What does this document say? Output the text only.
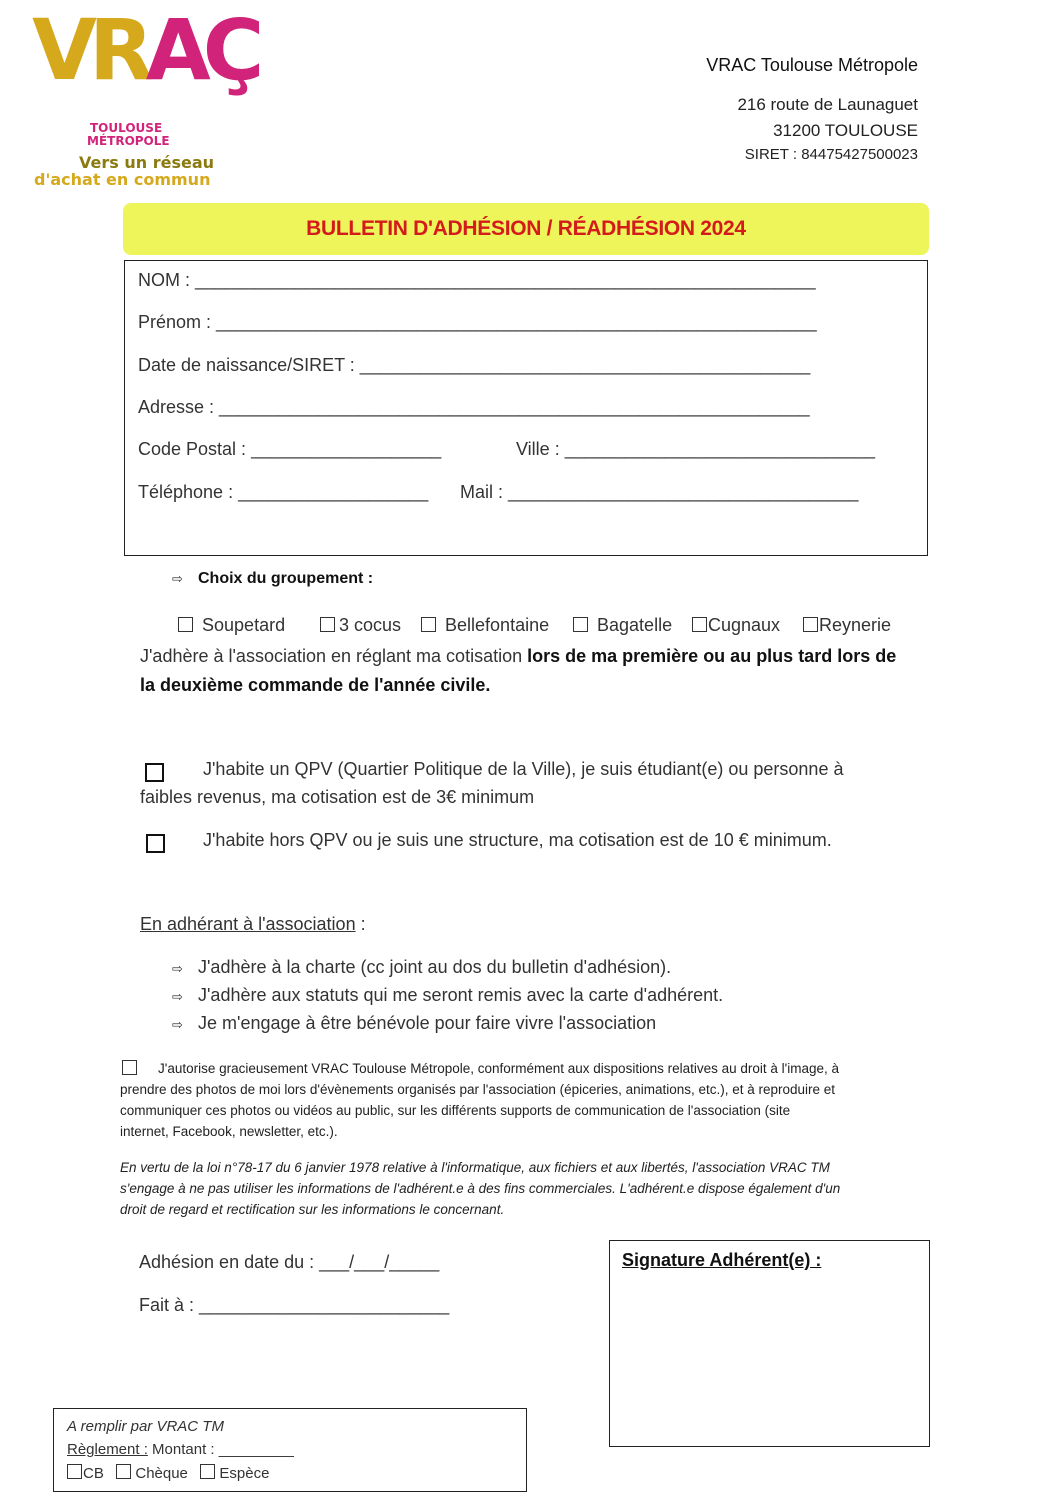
VRAÇ
TOULOUSE
MÉTROPOLE
Vers un réseau
d'achat en commun
VRAC Toulouse Métropole
216 route de Launaguet
31200 TOULOUSE
SIRET : 84475427500023
BULLETIN D'ADHÉSION / RÉADHÉSION 2024
NOM : ______________________________________________________________
Prénom : ____________________________________________________________
Date de naissance/SIRET : _____________________________________________
Adresse : ___________________________________________________________
Code Postal : ___________________	Ville : _______________________________
Téléphone : ___________________ Mail : ___________________________________
⇨ Choix du groupement :
Soupetard	3 cocus	Bellefontaine	Bagatelle	Cugnaux	Reynerie
J'adhère à l'association en réglant ma cotisation lors de ma première ou au plus tard lors de
la deuxième commande de l'année civile.
J'habite un QPV (Quartier Politique de la Ville), je suis étudiant(e) ou personne à
faibles revenus, ma cotisation est de 3€ minimum
J'habite hors QPV ou je suis une structure, ma cotisation est de 10 € minimum.
En adhérant à l'association :
⇨ J'adhère à la charte (cc joint au dos du bulletin d'adhésion).
⇨ J'adhère aux statuts qui me seront remis avec la carte d'adhérent.
⇨ Je m'engage à être bénévole pour faire vivre l'association
J'autorise gracieusement VRAC Toulouse Métropole, conformément aux dispositions relatives au droit à l'image, à
prendre des photos de moi lors d'évènements organisés par l'association (épiceries, animations, etc.), et à reproduire et
communiquer ces photos ou vidéos au public, sur les différents supports de communication de l'association (site
internet, Facebook, newsletter, etc.).
En vertu de la loi n°78-17 du 6 janvier 1978 relative à l'informatique, aux fichiers et aux libertés, l'association VRAC TM
s'engage à ne pas utiliser les informations de l'adhérent.e à des fins commerciales. L'adhérent.e dispose également d'un
droit de regard et rectification sur les informations le concernant.
Adhésion en date du : ___/___/_____
Fait à : _________________________
Signature Adhérent(e) :
A remplir par VRAC TM
Règlement : Montant : _________
CB Chèque Espèce
